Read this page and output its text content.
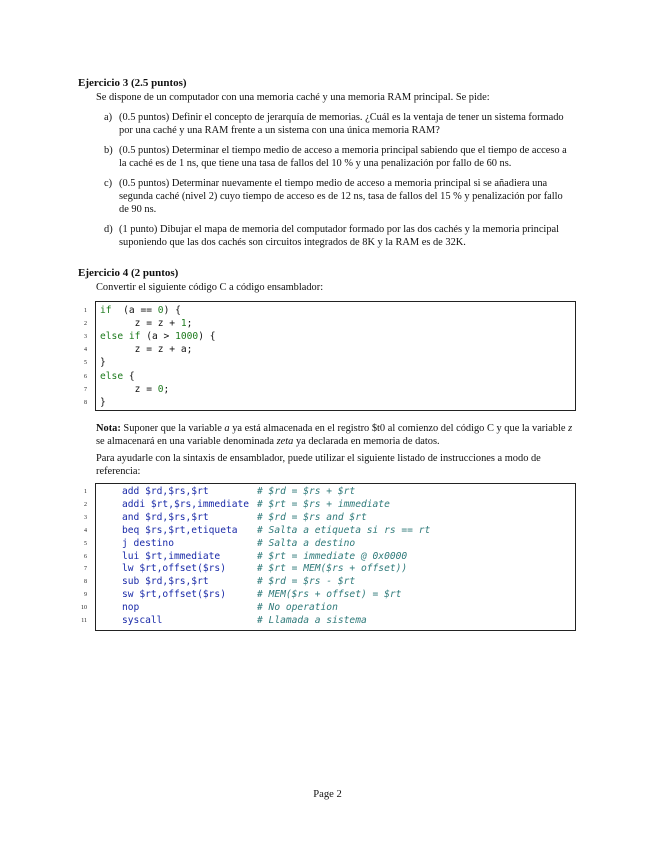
Ejercicio 3 (2.5 puntos)
Se dispone de un computador con una memoria caché y una memoria RAM principal. Se pide:
a) (0.5 puntos) Definir el concepto de jerarquía de memorias. ¿Cuál es la ventaja de tener un sistema formado por una caché y una RAM frente a un sistema con una única memoria RAM?
b) (0.5 puntos) Determinar el tiempo medio de acceso a memoria principal sabiendo que el tiempo de acceso a la caché es de 1 ns, que tiene una tasa de fallos del 10 % y una penalización por fallo de 60 ns.
c) (0.5 puntos) Determinar nuevamente el tiempo medio de acceso a memoria principal si se añadiera una segunda caché (nivel 2) cuyo tiempo de acceso es de 12 ns, tasa de fallos del 15 % y penalización por fallo de 90 ns.
d) (1 punto) Dibujar el mapa de memoria del computador formado por las dos cachés y la memoria principal suponiendo que las dos cachés son circuitos integrados de 8K y la RAM es de 32K.
Ejercicio 4 (2 puntos)
Convertir el siguiente código C a código ensamblador:
1 if  (a == 0) {
2 z = z + 1;
3 else if (a > 1000) {
4 z = z + a;
5 }
6 else {
7 z = 0;
8 }
Nota: Suponer que la variable a ya está almacenada en el registro $t0 al comienzo del código C y que la variable z se almacenará en una variable denominada zeta ya declarada en memoria de datos.
Para ayudarle con la sintaxis de ensamblador, puede utilizar el siguiente listado de instrucciones a modo de referencia:
1	add $rd,$rs,$rt	# $rd = $rs + $rt
2	addi $rt,$rs,immediate # $rt = $rs + immediate
3	and $rd,$rs,$rt	# $rd = $rs and $rt
4	beq $rs,$rt,etiqueta # Salta a etiqueta si rs == rt
5	j destino	# Salta a destino
6	lui $rt,immediate	# $rt = immediate @ 0x0000
7	lw $rt,offset($rs)	# $rt = MEM($rs + offset))
8	sub $rd,$rs,$rt	# $rd = $rs - $rt
9	sw $rt,offset($rs)	# MEM($rs + offset) = $rt
10	nop	# No operation
11	syscall	# Llamada a sistema
Page 2
